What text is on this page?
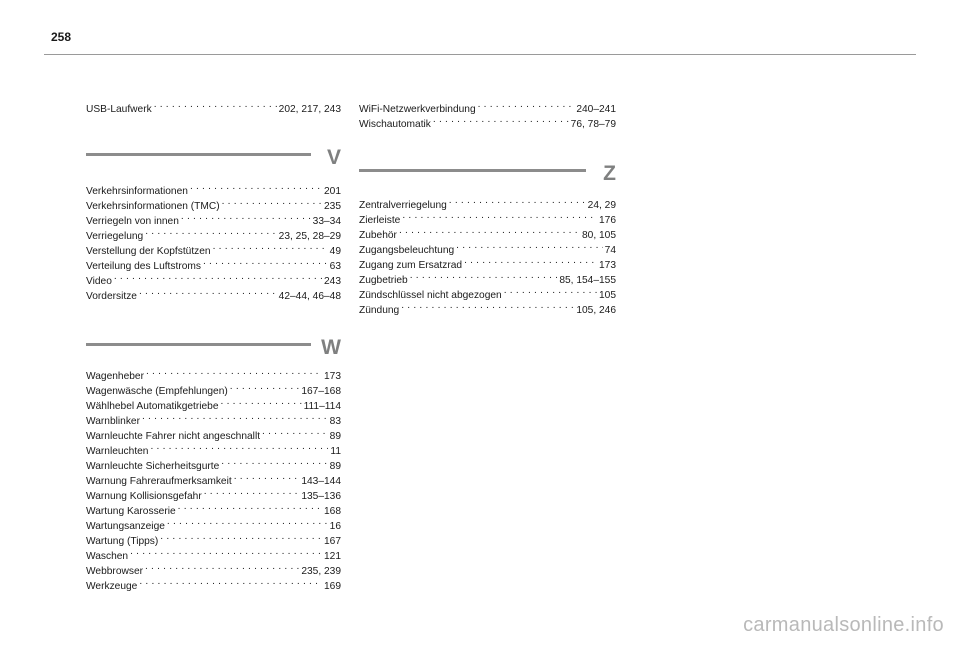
258
USB-Laufwerk . . .	202, 217, 243
V
Verkehrsinformationen . . .	201
Verkehrsinformationen (TMC) . . .	235
Verriegeln von innen . . .	33–34
Verriegelung . . .	23, 25, 28–29
Verstellung der Kopfstützen . . .	49
Verteilung des Luftstroms . . .	63
Video . . .	243
Vordersitze . . .	42–44, 46–48
W
Wagenheber . . .	173
Wagenwäsche (Empfehlungen) . . .	167–168
Wählhebel Automatikgetriebe . . .	111–114
Warnblinker . . .	83
Warnleuchte Fahrer nicht angeschnallt . . .	89
Warnleuchten . . .	11
Warnleuchte Sicherheitsgurte . . .	89
Warnung Fahreraufmerksamkeit . . .	143–144
Warnung Kollisionsgefahr . . .	135–136
Wartung Karosserie . . .	168
Wartungsanzeige . . .	16
Wartung (Tipps) . . .	167
Waschen . . .	121
Webbrowser . . .	235, 239
Werkzeuge . . .	169
WiFi-Netzwerkverbindung . . .	240–241
Wischautomatik . . .	76, 78–79
Z
Zentralverriegelung . . .	24, 29
Zierleiste . . .	176
Zubehör . . .	80, 105
Zugangsbeleuchtung . . .	74
Zugang zum Ersatzrad . . .	173
Zugbetrieb . . .	85, 154–155
Zündschlüssel nicht abgezogen . . .	105
Zündung . . .	105, 246
carmanualsonline.info
